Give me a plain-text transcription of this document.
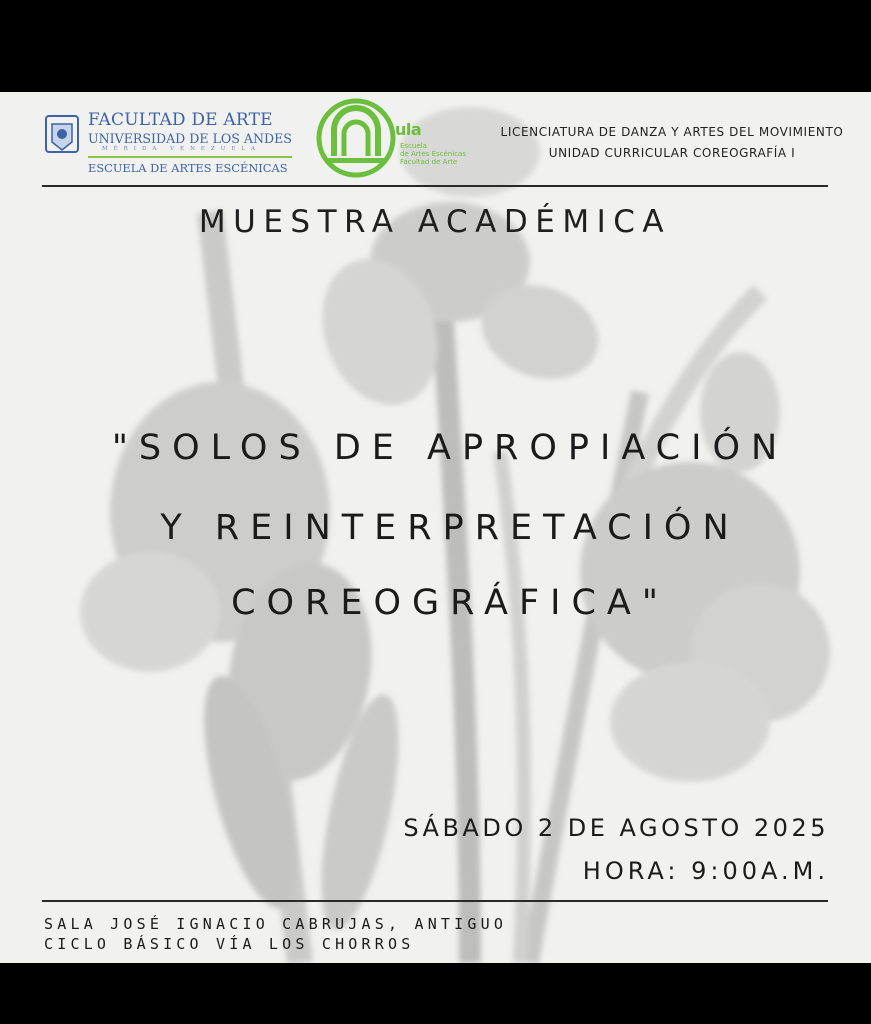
FACULTAD DE ARTE
UNIVERSIDAD DE LOS ANDES
MÉRIDA VENEZUELA
ESCUELA DE ARTES ESCÉNICAS
ula
Escuela
de Artes Escénicas
Facultad de Arte
LICENCIATURA DE DANZA Y ARTES DEL MOVIMIENTO
UNIDAD CURRICULAR COREOGRAFÍA I
MUESTRA ACADÉMICA
"SOLOS DE APROPIACIÓN
Y REINTERPRETACIÓN
COREOGRÁFICA"
SÁBADO 2 DE AGOSTO 2025
HORA: 9:00A.M.
SALA JOSÉ IGNACIO CABRUJAS, ANTIGUO
CICLO BÁSICO VÍA LOS CHORROS
